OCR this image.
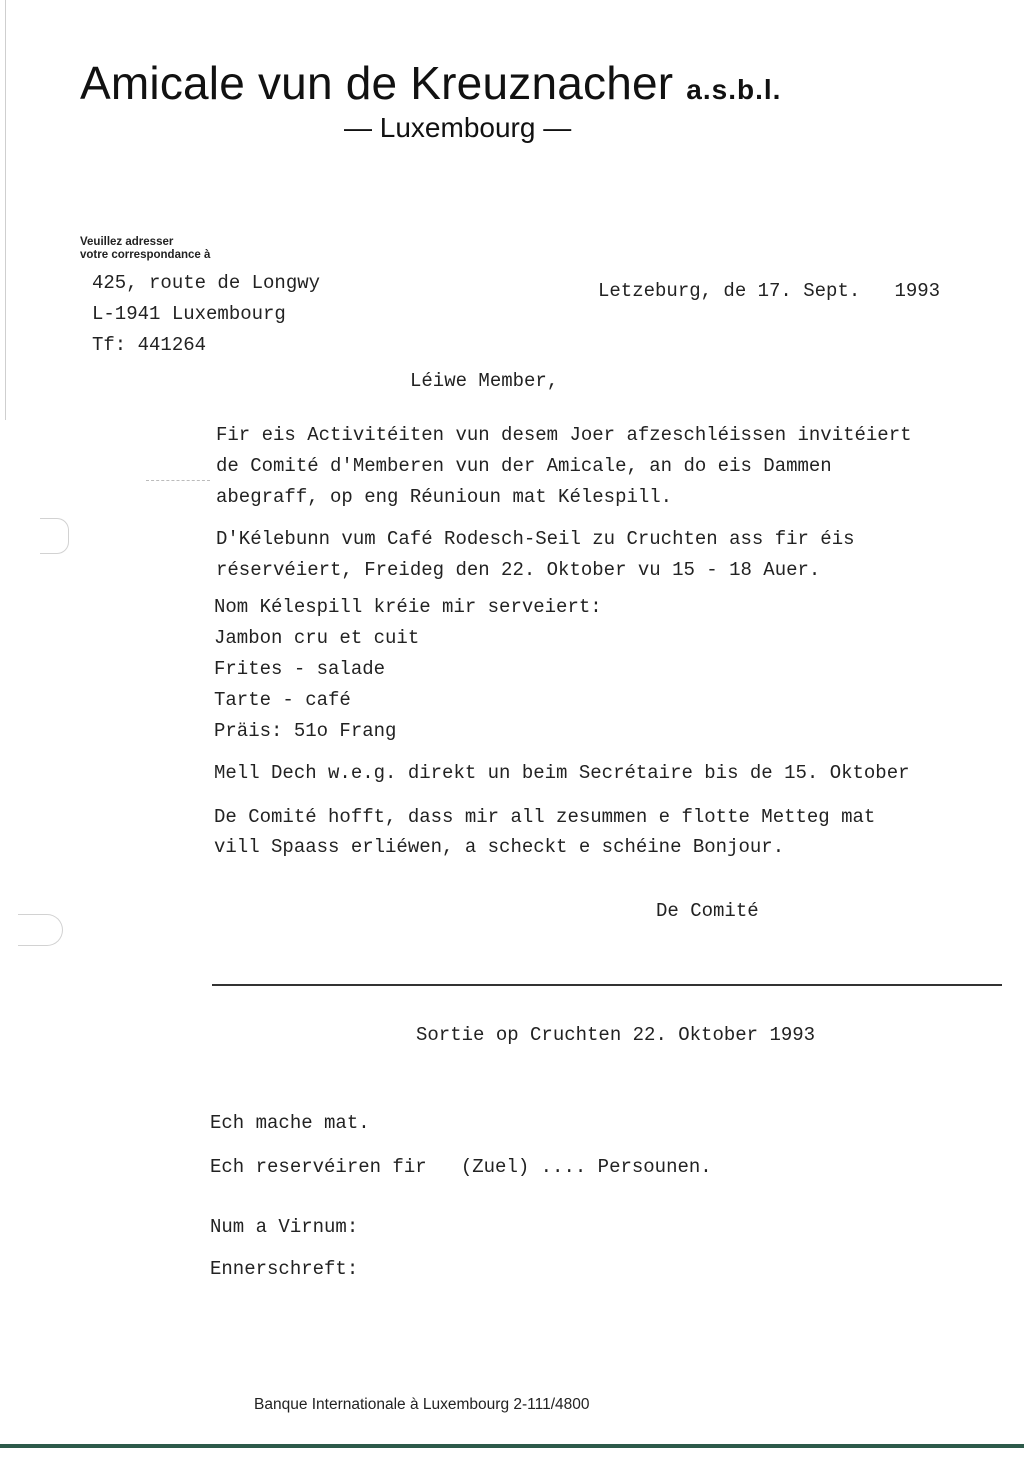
Amicale vun de Kreuznacher a.s.b.l.
— Luxembourg —
Veuillez adresser
votre correspondance à
425, route de Longwy
L-1941 Luxembourg
Tf: 441264
Letzeburg, de 17. Sept.   1993
Léiwe Member,
Fir eis Activitéiten vun desem Joer afzeschléissen invitéiert
de Comité d'Memberen vun der Amicale, an do eis Dammen
abegraff, op eng Réunioun mat Kélespill.
D'Kélebunn vum Café Rodesch-Seil zu Cruchten ass fir éis
réservéiert, Freideg den 22. Oktober vu 15 - 18 Auer.
Nom Kélespill kréie mir serveiert:
Jambon cru et cuit
Frites - salade
Tarte - café
Präis: 51o Frang
Mell Dech w.e.g. direkt un beim Secrétaire bis de 15. Oktober
De Comité hofft, dass mir all zesummen e flotte Metteg mat
vill Spaass erliéwen, a scheckt e schéine Bonjour.
De Comité
Sortie op Cruchten 22. Oktober 1993
Ech mache mat.
Ech reservéiren fir   (Zuel) .... Persounen.
Num a Virnum:
Ennerschreft:
Banque Internationale à Luxembourg 2-111/4800
